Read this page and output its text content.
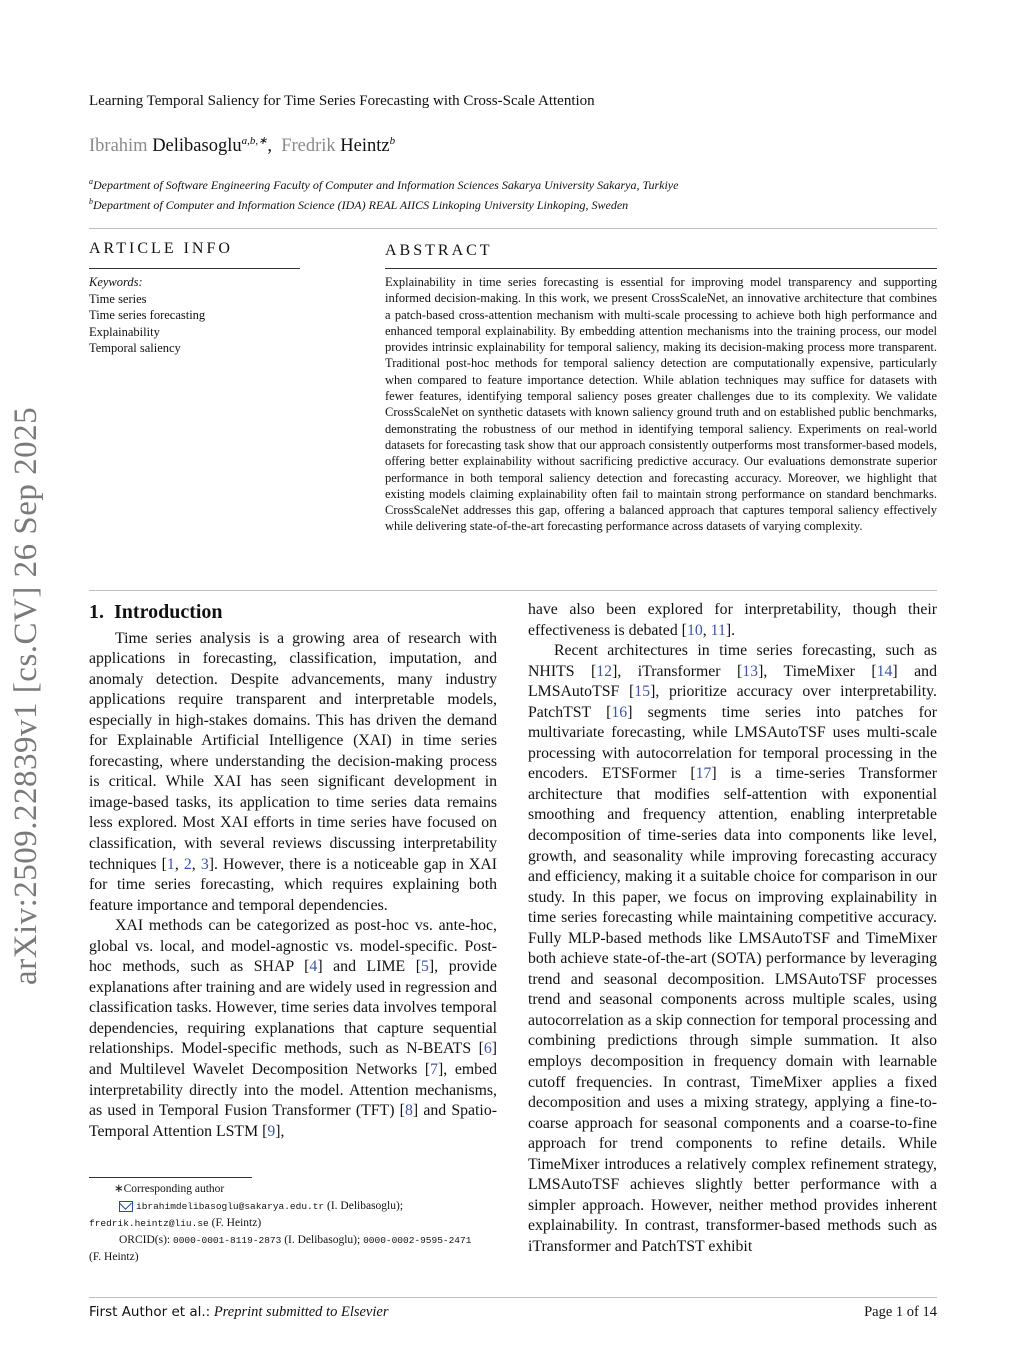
arXiv:2509.22839v1 [cs.CV] 26 Sep 2025
Learning Temporal Saliency for Time Series Forecasting with Cross-Scale Attention
Ibrahim Delibasoglu$^{a,b,∗}$,  Fredrik Heintz$^b$
$^a$Department of Software Engineering Faculty of Computer and Information Sciences Sakarya University Sakarya, Turkiye
$^b$Department of Computer and Information Science (IDA) REAL AIICS Linkoping University Linkoping, Sweden
ARTICLE INFO
Keywords:
Time series
Time series forecasting
Explainability
Temporal saliency
ABSTRACT
Explainability in time series forecasting is essential for improving model transparency and supporting informed decision-making. In this work, we present CrossScaleNet, an innovative architecture that combines a patch-based cross-attention mechanism with multi-scale processing to achieve both high performance and enhanced temporal explainability. By embedding attention mechanisms into the training process, our model provides intrinsic explainability for temporal saliency, making its decision-making process more transparent. Traditional post-hoc methods for temporal saliency detection are computationally expensive, particularly when compared to feature importance detection. While ablation techniques may suffice for datasets with fewer features, identifying temporal saliency poses greater challenges due to its complexity. We validate CrossScaleNet on synthetic datasets with known saliency ground truth and on established public benchmarks, demonstrating the robustness of our method in identifying temporal saliency. Experiments on real-world datasets for forecasting task show that our approach consistently outperforms most transformer-based models, offering better explainability without sacrificing predictive accuracy. Our evaluations demonstrate superior performance in both temporal saliency detection and forecasting accuracy. Moreover, we highlight that existing models claiming explainability often fail to maintain strong performance on standard benchmarks. CrossScaleNet addresses this gap, offering a balanced approach that captures temporal saliency effectively while delivering state-of-the-art forecasting performance across datasets of varying complexity.
1. Introduction

Time series analysis is a growing area of research with applications in forecasting, classification, imputation, and anomaly detection. Despite advancements, many industry applications require transparent and interpretable models, especially in high-stakes domains. This has driven the demand for Explainable Artificial Intelligence (XAI) in time series forecasting, where understanding the decision-making process is critical. While XAI has seen significant development in image-based tasks, its application to time series data remains less explored. Most XAI efforts in time series have focused on classification, with several reviews discussing interpretability techniques [1, 2, 3]. However, there is a noticeable gap in XAI for time series forecasting, which requires explaining both feature importance and temporal dependencies.

XAI methods can be categorized as post-hoc vs. ante-hoc, global vs. local, and model-agnostic vs. model-specific. Post-hoc methods, such as SHAP [4] and LIME [5], provide explanations after training and are widely used in regression and classification tasks. However, time series data involves temporal dependencies, requiring explanations that capture sequential relationships. Model-specific methods, such as N-BEATS [6] and Multilevel Wavelet Decomposition Networks [7], embed interpretability directly into the model. Attention mechanisms, as used in Temporal Fusion Transformer (TFT) [8] and Spatio-Temporal Attention LSTM [9],

have also been explored for interpretability, though their effectiveness is debated [10, 11].

Recent architectures in time series forecasting, such as NHITS [12], iTransformer [13], TimeMixer [14] and LMSAutoTSF [15], prioritize accuracy over interpretability. PatchTST [16] segments time series into patches for multivariate forecasting, while LMSAutoTSF uses multi-scale processing with autocorrelation for temporal processing in the encoders. ETSFormer [17] is a time-series Transformer architecture that modifies self-attention with exponential smoothing and frequency attention, enabling interpretable decomposition of time-series data into components like level, growth, and seasonality while improving forecasting accuracy and efficiency, making it a suitable choice for comparison in our study. In this paper, we focus on improving explainability in time series forecasting while maintaining competitive accuracy. Fully MLP-based methods like LMSAutoTSF and TimeMixer both achieve state-of-the-art (SOTA) performance by leveraging trend and seasonal decomposition. LMSAutoTSF processes trend and seasonal components across multiple scales, using autocorrelation as a skip connection for temporal processing and combining predictions through simple summation. It also employs decomposition in frequency domain with learnable cutoff frequencies. In contrast, TimeMixer applies a fixed decomposition and uses a mixing strategy, applying a fine-to-coarse approach for seasonal components and a coarse-to-fine approach for trend components to refine details. While TimeMixer introduces a relatively complex refinement strategy, LMSAutoTSF achieves slightly better performance with a simpler approach. However, neither method provides inherent explainability. In contrast, transformer-based methods such as iTransformer and PatchTST exhibit

∗Corresponding author

ibrahimdelibasoglu@sakarya.edu.tr (I. Delibasoglu);

fredrik.heintz@liu.se (F. Heintz)

ORCID(s): 0000-0001-8119-2873 (I. Delibasoglu); 0000-0002-9595-2471

(F. Heintz)

First Author et al.: Preprint submitted to Elsevier	Page 1 of 14
